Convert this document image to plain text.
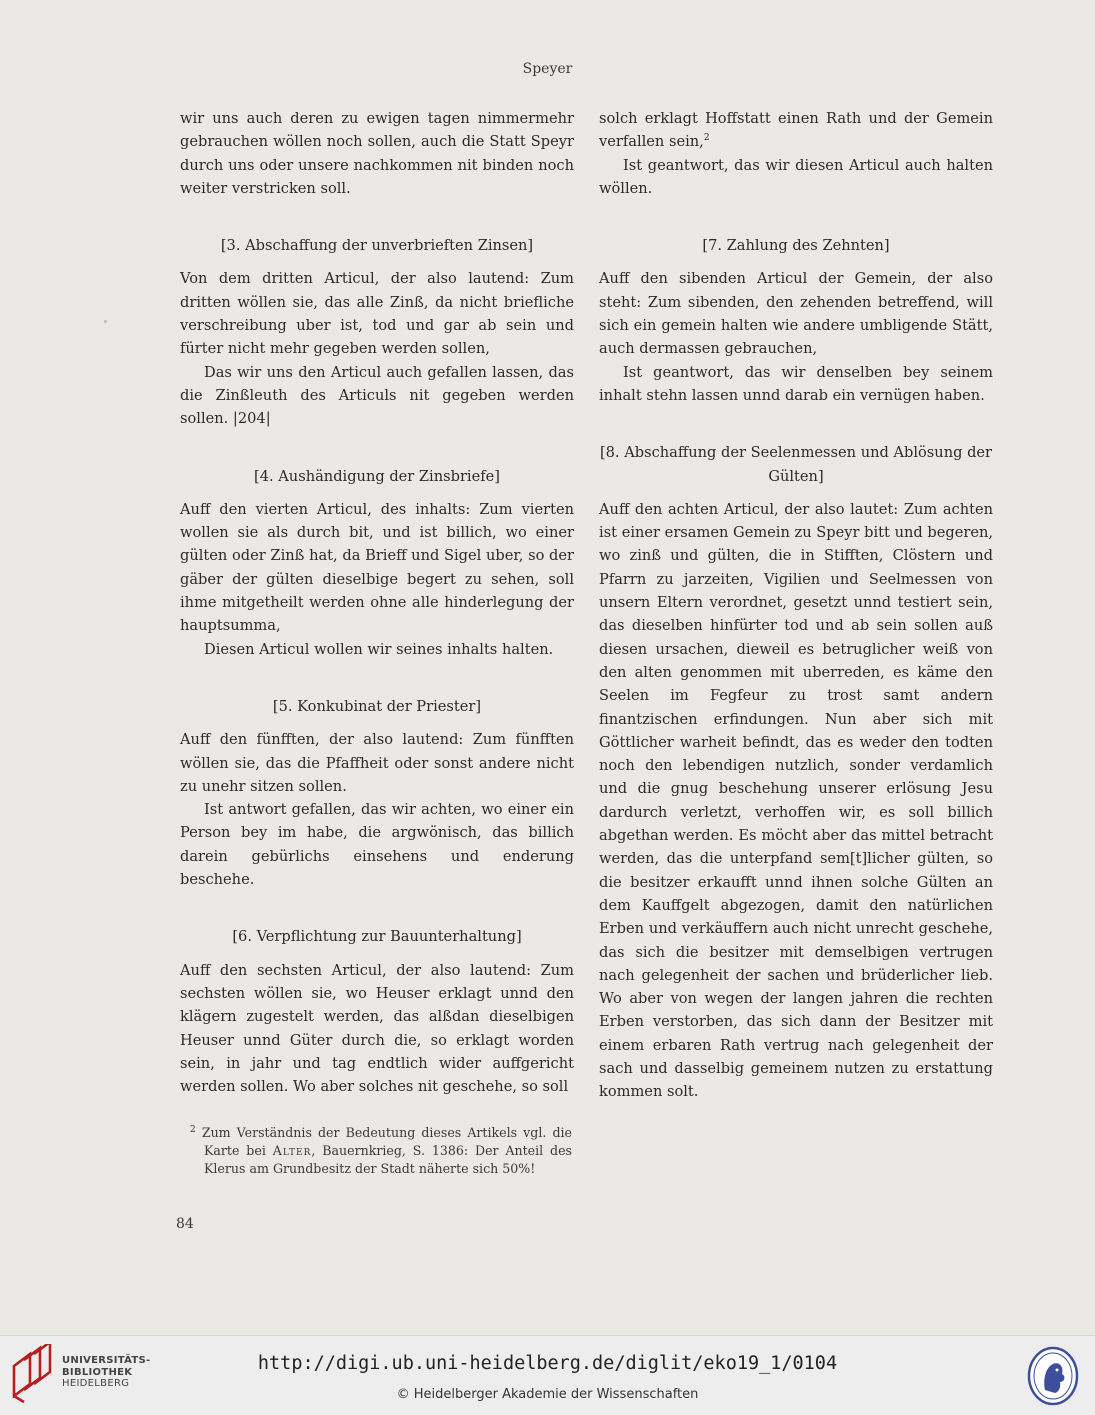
Speyer

wir uns auch deren zu ewigen tagen nimmermehr gebrauchen wöllen noch sollen, auch die Statt Speyr durch uns oder unsere nachkommen nit binden noch weiter verstricken soll.

[3. Abschaffung der unverbrieften Zinsen]

Von dem dritten Articul, der also lautend: Zum dritten wöllen sie, das alle Zinß, da nicht briefliche verschreibung uber ist, tod und gar ab sein und fürter nicht mehr gegeben werden sollen,

Das wir uns den Articul auch gefallen lassen, das die Zinßleuth des Articuls nit gegeben werden sollen. |204|

[4. Aushändigung der Zinsbriefe]

Auff den vierten Articul, des inhalts: Zum vierten wollen sie als durch bit, und ist billich, wo einer gülten oder Zinß hat, da Brieff und Sigel uber, so der gäber der gülten dieselbige begert zu sehen, soll ihme mitgetheilt werden ohne alle hinderlegung der hauptsumma,

Diesen Articul wollen wir seines inhalts halten.

[5. Konkubinat der Priester]

Auff den fünfften, der also lautend: Zum fünfften wöllen sie, das die Pfaffheit oder sonst andere nicht zu unehr sitzen sollen.

Ist antwort gefallen, das wir achten, wo einer ein Person bey im habe, die argwönisch, das billich darein gebürlichs einsehens und enderung beschehe.

[6. Verpflichtung zur Bauunterhaltung]

Auff den sechsten Articul, der also lautend: Zum sechsten wöllen sie, wo Heuser erklagt unnd den klägern zugestelt werden, das alßdan dieselbigen Heuser unnd Güter durch die, so erklagt worden sein, in jahr und tag endtlich wider auffgericht werden sollen. Wo aber solches nit geschehe, so soll

solch erklagt Hoffstatt einen Rath und der Gemein verfallen sein,$^2$

Ist geantwort, das wir diesen Articul auch halten wöllen.

[7. Zahlung des Zehnten]

Auff den sibenden Articul der Gemein, der also steht: Zum sibenden, den zehenden betreffend, will sich ein gemein halten wie andere umbligende Stätt, auch dermassen gebrauchen,

Ist geantwort, das wir denselben bey seinem inhalt stehn lassen unnd darab ein vernügen haben.

[8. Abschaffung der Seelenmessen und Ablösung der Gülten]

Auff den achten Articul, der also lautet: Zum achten ist einer ersamen Gemein zu Speyr bitt und begeren, wo zinß und gülten, die in Stifften, Clöstern und Pfarrn zu jarzeiten, Vigilien und Seelmessen von unsern Eltern verordnet, gesetzt unnd testiert sein, das dieselben hinfürter tod und ab sein sollen auß diesen ursachen, dieweil es betruglicher weiß von den alten genommen mit uberreden, es käme den Seelen im Fegfeur zu trost samt andern finantzischen erfindungen. Nun aber sich mit Göttlicher warheit befindt, das es weder den todten noch den lebendigen nutzlich, sonder verdamlich und die gnug beschehung unserer erlösung Jesu dardurch verletzt, verhoffen wir, es soll billich abgethan werden. Es möcht aber das mittel betracht werden, das die unterpfand sem[t]licher gülten, so die besitzer erkaufft unnd ihnen solche Gülten an dem Kauffgelt abgezogen, damit den natürlichen Erben und verkäuffern auch nicht unrecht geschehe, das sich die besitzer mit demselbigen vertrugen nach gelegenheit der sachen und brüderlicher lieb. Wo aber von wegen der langen jahren die rechten Erben verstorben, das sich dann der Besitzer mit einem erbaren Rath vertrug nach gelegenheit der sach und dasselbig gemeinem nutzen zu erstattung kommen solt.

$^2$ Zum Verständnis der Bedeutung dieses Artikels vgl. die Karte bei Alter, Bauernkrieg, S. 1386: Der Anteil des Klerus am Grundbesitz der Stadt näherte sich 50%!

84
UNIVERSITÄTS-
BIBLIOTHEK
HEIDELBERG
http://digi.ub.uni-heidelberg.de/diglit/eko19_1/0104
© Heidelberger Akademie der Wissenschaften
